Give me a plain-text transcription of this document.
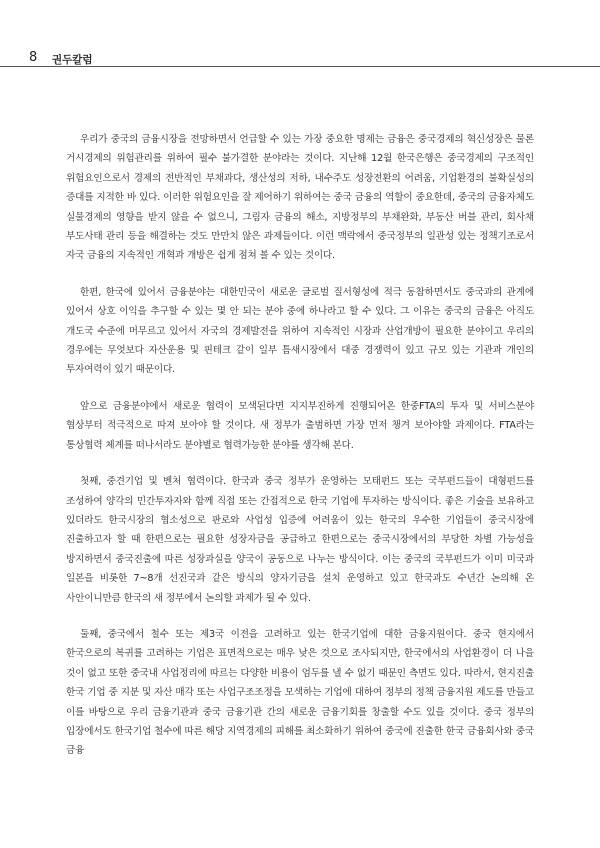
8 권두칼럼

우리가 중국의 금융시장을 전망하면서 언급할 수 있는 가장 중요한 명제는 금융은 중국경제의 혁신성장은 물론 거시경제의 위험관리를 위하여 필수 불가결한 분야라는 것이다. 지난해 12월 한국은행은 중국경제의 구조적인 위험요인으로서 경제의 전반적인 부채과다, 생산성의 저하, 내수주도 성장전환의 어려움, 기업환경의 불확실성의 증대를 지적한 바 있다. 이러한 위험요인을 잘 제어하기 위하여는 중국 금융의 역할이 중요한데, 중국의 금융자체도 실물경제의 영향을 받지 않을 수 없으니, 그림자 금융의 해소, 지방정부의 부채완화, 부동산 버블 관리, 회사채 부도사태 관리 등을 해결하는 것도 만만치 않은 과제들이다. 이런 맥락에서 중국정부의 일관성 있는 정책기조로서 자국 금융의 지속적인 개혁과 개방은 쉽게 점쳐 볼 수 있는 것이다.

한편, 한국에 있어서 금융분야는 대한민국이 새로운 글로벌 질서형성에 적극 동참하면서도 중국과의 관계에 있어서 상호 이익을 추구할 수 있는 몇 안 되는 분야 중에 하나라고 할 수 있다. 그 이유는 중국의 금융은 아직도 개도국 수준에 머무르고 있어서 자국의 경제발전을 위하여 지속적인 시장과 산업개방이 필요한 분야이고 우리의 경우에는 무엇보다 자산운용 및 핀테크 같이 일부 틈새시장에서 대중 경쟁력이 있고 규모 있는 기관과 개인의 투자여력이 있기 때문이다.

앞으로 금융분야에서 새로운 협력이 모색된다면 지지부진하게 진행되어온 한중FTA의 투자 및 서비스분야 협상부터 적극적으로 따져 보아야 할 것이다. 새 정부가 출범하면 가장 먼저 챙겨 보아야할 과제이다. FTA라는 통상협력 체계를 떠나서라도 분야별로 협력가능한 분야를 생각해 본다.

첫째, 중견기업 및 벤처 협력이다. 한국과 중국 정부가 운영하는 모태펀드 또는 국부펀드들이 대형펀드를 조성하여 양각의 민간투자자와 함께 직접 또는 간접적으로 한국 기업에 투자하는 방식이다. 좋은 기술을 보유하고 있더라도 한국시장의 협소성으로 판로와 사업성 입증에 어려움이 있는 한국의 우수한 기업들이 중국시장에 진출하고자 할 때 한편으로는 필요한 성장자금을 공급하고 한편으로는 중국시장에서의 부당한 차별 가능성을 방지하면서 중국진출에 따른 성장과실을 양국이 공동으로 나누는 방식이다. 이는 중국의 국부펀드가 이미 미국과 일본을 비롯한 7~8개 선진국과 같은 방식의 양자기금을 설치 운영하고 있고 한국과도 수년간 논의해 온 사안이니만큼 한국의 새 정부에서 논의할 과제가 될 수 있다.

둘째, 중국에서 철수 또는 제3국 이전을 고려하고 있는 한국기업에 대한 금융지원이다. 중국 현지에서 한국으로의 복귀를 고려하는 기업은 표면적으로는 매우 낮은 것으로 조사되지만, 한국에서의 사업환경이 더 나을 것이 없고 또한 중국내 사업정리에 따르는 다양한 비용이 엄두를 낼 수 없기 때문인 측면도 있다. 따라서, 현지진출 한국 기업 중 지분 및 자산 매각 또는 사업구조조정을 모색하는 기업에 대하여 정부의 정책 금융지원 제도를 만들고 이를 바탕으로 우리 금융기관과 중국 금융기관 간의 새로운 금융기회를 창출할 수도 있을 것이다. 중국 정부의 입장에서도 한국기업 철수에 따른 해당 지역경제의 피해를 최소화하기 위하여 중국에 진출한 한국 금융회사와 중국 금융
